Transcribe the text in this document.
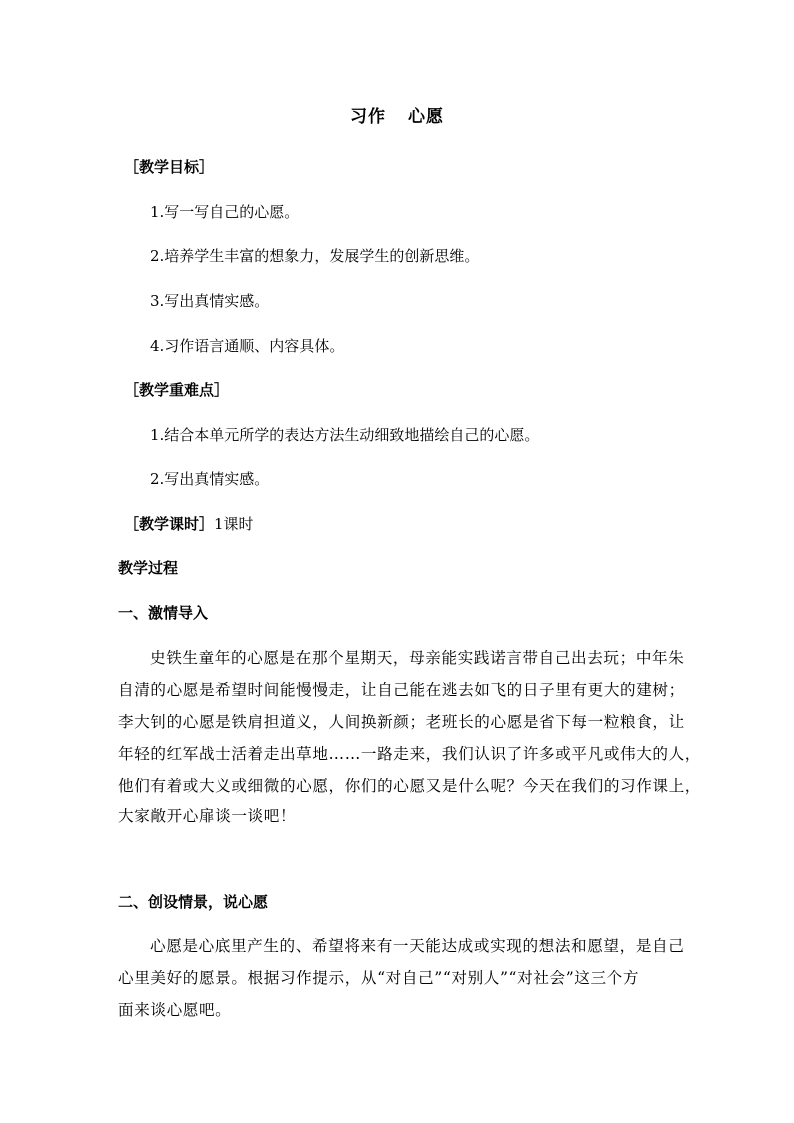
习作 心愿
［教学目标］
1.写一写自己的心愿。
2.培养学生丰富的想象力，发展学生的创新思维。
3.写出真情实感。
4.习作语言通顺、内容具体。
［教学重难点］
1.结合本单元所学的表达方法生动细致地描绘自己的心愿。
2.写出真情实感。
［教学课时］1课时
教学过程
一、激情导入
史铁生童年的心愿是在那个星期天，母亲能实践诺言带自己出去玩；中年朱
自清的心愿是希望时间能慢慢走，让自己能在逃去如飞的日子里有更大的建树；
李大钊的心愿是铁肩担道义，人间换新颜；老班长的心愿是省下每一粒粮食，让
年轻的红军战士活着走出草地……一路走来，我们认识了许多或平凡或伟大的人，
他们有着或大义或细微的心愿，你们的心愿又是什么呢？今天在我们的习作课上，
大家敞开心扉谈一谈吧！
二、创设情景，说心愿
心愿是心底里产生的、希望将来有一天能达成或实现的想法和愿望，是自己
心里美好的愿景。根据习作提示，从“对自己”“对别人”“对社会”这三个方
面来谈心愿吧。
